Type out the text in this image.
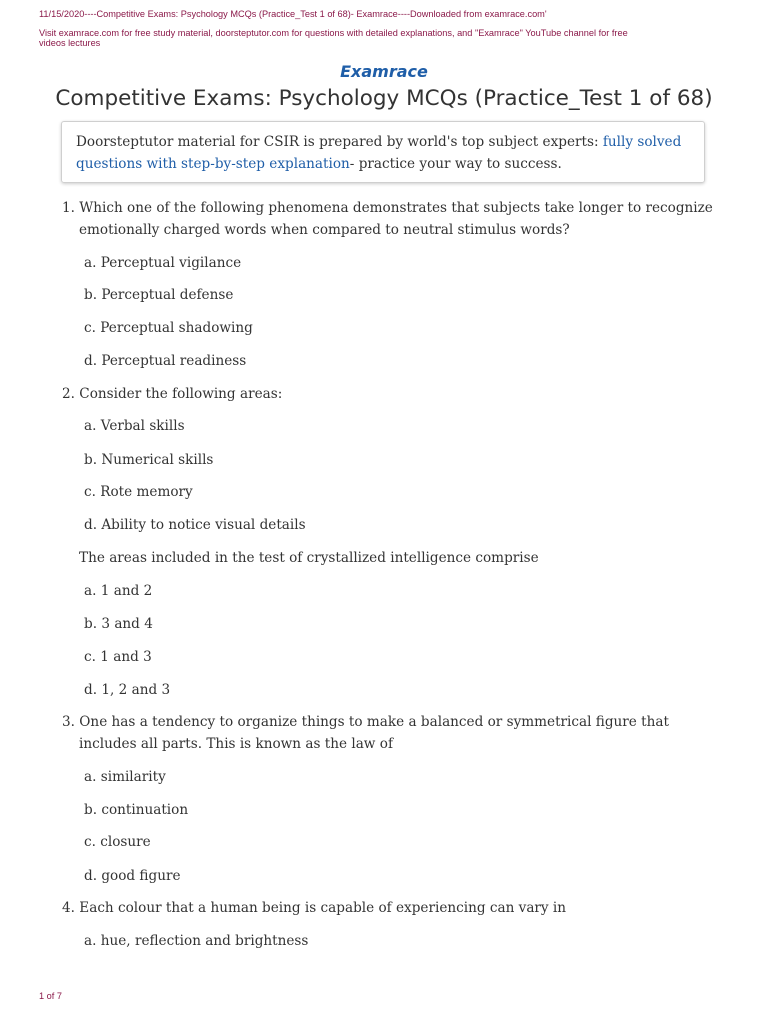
11/15/2020----Competitive Exams: Psychology MCQs (Practice_Test 1 of 68)- Examrace----Downloaded from examrace.com'
Visit examrace.com for free study material, doorsteptutor.com for questions with detailed explanations, and "Examrace" YouTube channel for free
videos lectures
Examrace
Competitive Exams: Psychology MCQs (Practice_Test 1 of 68)
Doorsteptutor material for CSIR is prepared by world's top subject experts: fully solved
questions with step-by-step explanation- practice your way to success.
1. Which one of the following phenomena demonstrates that subjects take longer to recognize
emotionally charged words when compared to neutral stimulus words?
a. Perceptual vigilance
b. Perceptual defense
c. Perceptual shadowing
d. Perceptual readiness
2. Consider the following areas:
a. Verbal skills
b. Numerical skills
c. Rote memory
d. Ability to notice visual details
The areas included in the test of crystallized intelligence comprise
a. 1 and 2
b. 3 and 4
c. 1 and 3
d. 1, 2 and 3
3. One has a tendency to organize things to make a balanced or symmetrical figure that
includes all parts. This is known as the law of
a. similarity
b. continuation
c. closure
d. good figure
4. Each colour that a human being is capable of experiencing can vary in
a. hue, reflection and brightness
1 of 7
